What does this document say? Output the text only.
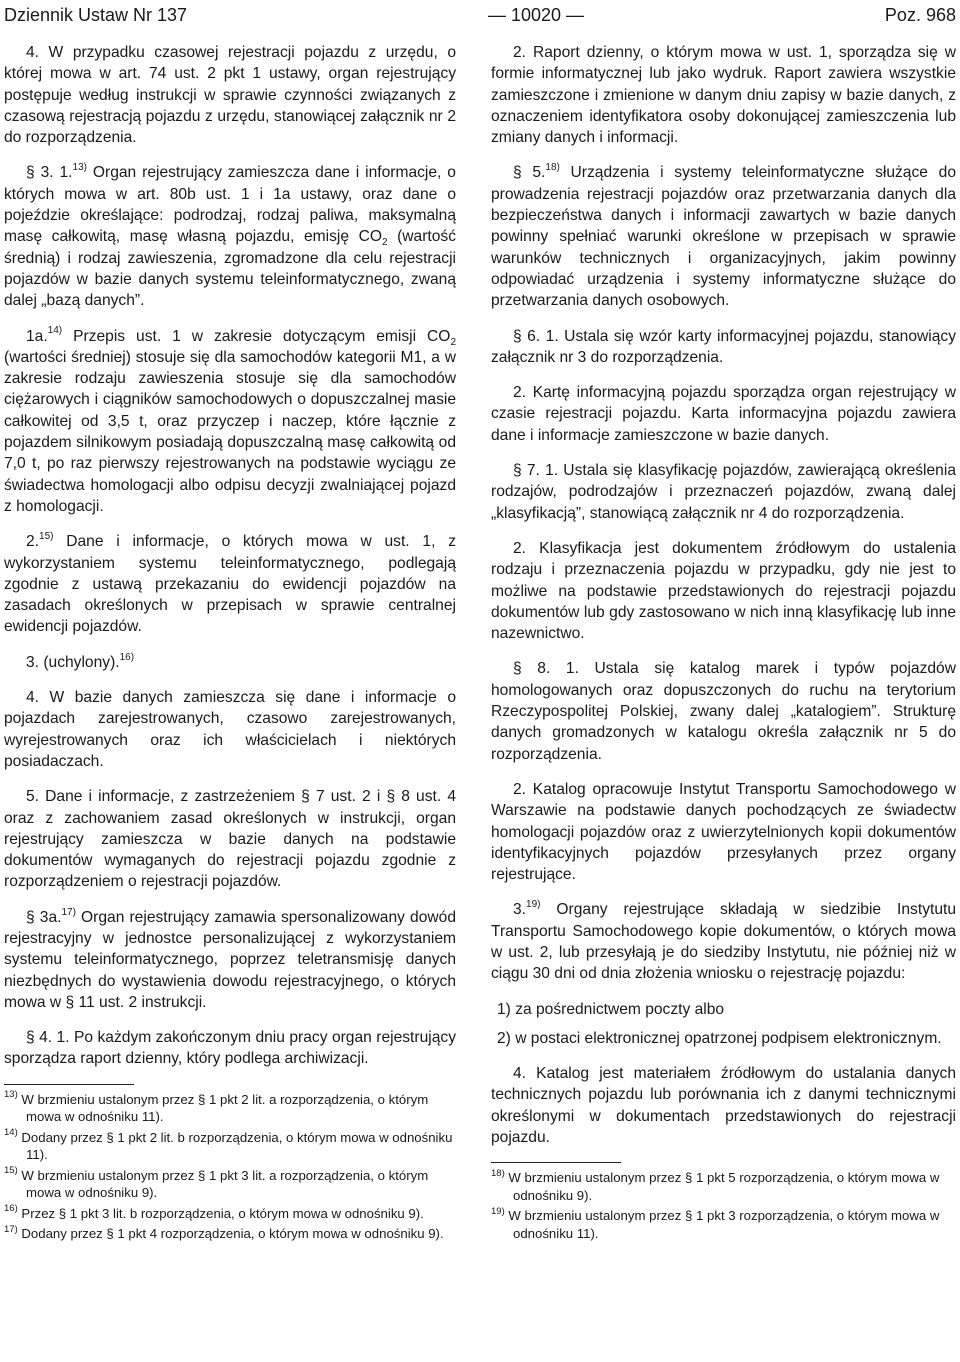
Dziennik Ustaw Nr 137	— 10020 —	Poz. 968

4. W przypadku czasowej rejestracji pojazdu z urzędu, o której mowa w art. 74 ust. 2 pkt 1 ustawy, organ rejestrujący postępuje według instrukcji w sprawie czynności związanych z czasową rejestracją pojazdu z urzędu, stanowiącej załącznik nr 2 do rozporządzenia.

§ 3. 1.$^{13)}$ Organ rejestrujący zamieszcza dane i informacje, o których mowa w art. 80b ust. 1 i 1a ustawy, oraz dane o pojeździe określające: podrodzaj, rodzaj paliwa, maksymalną masę całkowitą, masę własną pojazdu, emisję $CO_2$ (wartość średnią) i rodzaj zawieszenia, zgromadzone dla celu rejestracji pojazdów w bazie danych systemu teleinformatycznego, zwaną dalej „bazą danych”.

1a.$^{14)}$ Przepis ust. 1 w zakresie dotyczącym emisji $CO_2$ (wartości średniej) stosuje się dla samochodów kategorii M1, a w zakresie rodzaju zawieszenia stosuje się dla samochodów ciężarowych i ciągników samochodowych o dopuszczalnej masie całkowitej od 3,5 t, oraz przyczep i naczep, które łącznie z pojazdem silnikowym posiadają dopuszczalną masę całkowitą od 7,0 t, po raz pierwszy rejestrowanych na podstawie wyciągu ze świadectwa homologacji albo odpisu decyzji zwalniającej pojazd z homologacji.

2.$^{15)}$ Dane i informacje, o których mowa w ust. 1, z wykorzystaniem systemu teleinformatycznego, podlegają zgodnie z ustawą przekazaniu do ewidencji pojazdów na zasadach określonych w przepisach w sprawie centralnej ewidencji pojazdów.

3. (uchylony).$^{16)}$

4. W bazie danych zamieszcza się dane i informacje o pojazdach zarejestrowanych, czasowo zarejestrowanych, wyrejestrowanych oraz ich właścicielach i niektórych posiadaczach.

5. Dane i informacje, z zastrzeżeniem § 7 ust. 2 i § 8 ust. 4 oraz z zachowaniem zasad określonych w instrukcji, organ rejestrujący zamieszcza w bazie danych na podstawie dokumentów wymaganych do rejestracji pojazdu zgodnie z rozporządzeniem o rejestracji pojazdów.

§ 3a.$^{17)}$ Organ rejestrujący zamawia spersonalizowany dowód rejestracyjny w jednostce personalizującej z wykorzystaniem systemu teleinformatycznego, poprzez teletransmisję danych niezbędnych do wystawienia dowodu rejestracyjnego, o których mowa w § 11 ust. 2 instrukcji.

§ 4. 1. Po każdym zakończonym dniu pracy organ rejestrujący sporządza raport dzienny, który podlega archiwizacji.

$^{13)}$ W brzmieniu ustalonym przez § 1 pkt 2 lit. a rozporządzenia, o którym mowa w odnośniku 11).

$^{14)}$ Dodany przez § 1 pkt 2 lit. b rozporządzenia, o którym mowa w odnośniku 11).

$^{15)}$ W brzmieniu ustalonym przez § 1 pkt 3 lit. a rozporządzenia, o którym mowa w odnośniku 9).

$^{16)}$ Przez § 1 pkt 3 lit. b rozporządzenia, o którym mowa w odnośniku 9).

$^{17)}$ Dodany przez § 1 pkt 4 rozporządzenia, o którym mowa w odnośniku 9).

2. Raport dzienny, o którym mowa w ust. 1, sporządza się w formie informatycznej lub jako wydruk. Raport zawiera wszystkie zamieszczone i zmienione w danym dniu zapisy w bazie danych, z oznaczeniem identyfikatora osoby dokonującej zamieszczenia lub zmiany danych i informacji.

§ 5.$^{18)}$ Urządzenia i systemy teleinformatyczne służące do prowadzenia rejestracji pojazdów oraz przetwarzania danych dla bezpieczeństwa danych i informacji zawartych w bazie danych powinny spełniać warunki określone w przepisach w sprawie warunków technicznych i organizacyjnych, jakim powinny odpowiadać urządzenia i systemy informatyczne służące do przetwarzania danych osobowych.

§ 6. 1. Ustala się wzór karty informacyjnej pojazdu, stanowiący załącznik nr 3 do rozporządzenia.

2. Kartę informacyjną pojazdu sporządza organ rejestrujący w czasie rejestracji pojazdu. Karta informacyjna pojazdu zawiera dane i informacje zamieszczone w bazie danych.

§ 7. 1. Ustala się klasyfikację pojazdów, zawierającą określenia rodzajów, podrodzajów i przeznaczeń pojazdów, zwaną dalej „klasyfikacją”, stanowiącą załącznik nr 4 do rozporządzenia.

2. Klasyfikacja jest dokumentem źródłowym do ustalenia rodzaju i przeznaczenia pojazdu w przypadku, gdy nie jest to możliwe na podstawie przedstawionych do rejestracji pojazdu dokumentów lub gdy zastosowano w nich inną klasyfikację lub inne nazewnictwo.

§ 8. 1. Ustala się katalog marek i typów pojazdów homologowanych oraz dopuszczonych do ruchu na terytorium Rzeczypospolitej Polskiej, zwany dalej „katalogiem”. Strukturę danych gromadzonych w katalogu określa załącznik nr 5 do rozporządzenia.

2. Katalog opracowuje Instytut Transportu Samochodowego w Warszawie na podstawie danych pochodzących ze świadectw homologacji pojazdów oraz z uwierzytelnionych kopii dokumentów identyfikacyjnych pojazdów przesyłanych przez organy rejestrujące.

3.$^{19)}$ Organy rejestrujące składają w siedzibie Instytutu Transportu Samochodowego kopie dokumentów, o których mowa w ust. 2, lub przesyłają je do siedziby Instytutu, nie później niż w ciągu 30 dni od dnia złożenia wniosku o rejestrację pojazdu:

1) za pośrednictwem poczty albo

2) w postaci elektronicznej opatrzonej podpisem elektronicznym.

4. Katalog jest materiałem źródłowym do ustalania danych technicznych pojazdu lub porównania ich z danymi technicznymi określonymi w dokumentach przedstawionych do rejestracji pojazdu.

$^{18)}$ W brzmieniu ustalonym przez § 1 pkt 5 rozporządzenia, o którym mowa w odnośniku 9).

$^{19)}$ W brzmieniu ustalonym przez § 1 pkt 3 rozporządzenia, o którym mowa w odnośniku 11).
